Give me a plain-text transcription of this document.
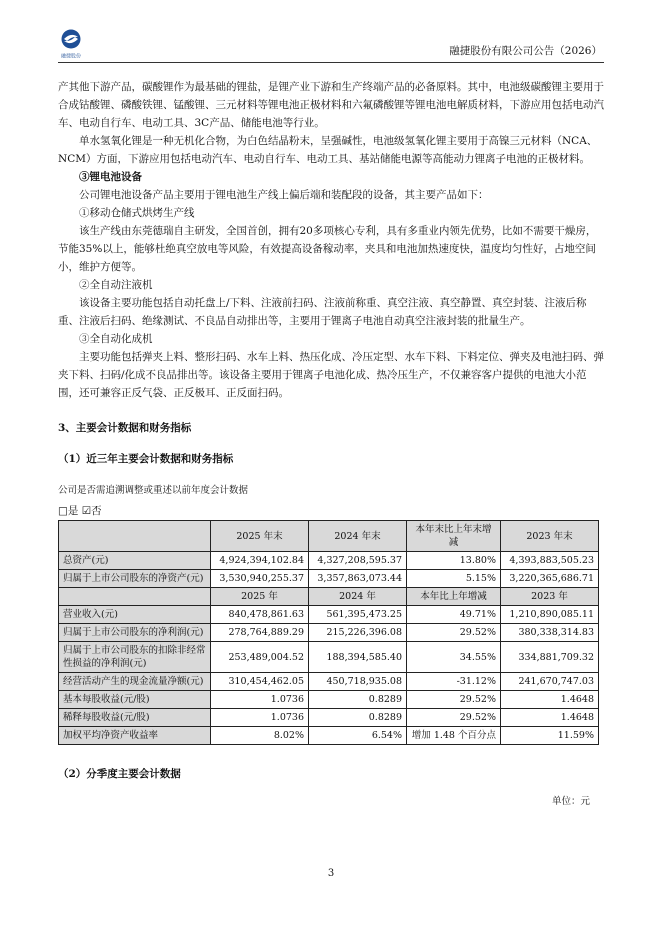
融捷股份	融捷股份有限公司公告（2026）

产其他下游产品，碳酸锂作为最基础的锂盐，是锂产业下游和生产终端产品的必备原料。其中，电池级碳酸锂主要用于合成钴酸锂、磷酸铁锂、锰酸锂、三元材料等锂电池正极材料和六氟磷酸锂等锂电池电解质材料，下游应用包括电动汽车、电动自行车、电动工具、3C产品、储能电池等行业。

单水氢氧化锂是一种无机化合物，为白色结晶粉末，呈强碱性，电池级氢氧化锂主要用于高镍三元材料（NCA、NCM）方面，下游应用包括电动汽车、电动自行车、电动工具、基站储能电源等高能动力锂离子电池的正极材料。

③锂电池设备

公司锂电池设备产品主要用于锂电池生产线上偏后端和装配段的设备，其主要产品如下：

①移动仓储式烘烤生产线

该生产线由东莞德瑞自主研发，全国首创，拥有20多项核心专利，具有多重业内领先优势，比如不需要干燥房，节能35%以上，能够杜绝真空放电等风险，有效提高设备稼动率，夹具和电池加热速度快，温度均匀性好，占地空间小，维护方便等。

②全自动注液机

该设备主要功能包括自动托盘上/下料、注液前扫码、注液前称重、真空注液、真空静置、真空封装、注液后称重、注液后扫码、绝缘测试、不良品自动排出等，主要用于锂离子电池自动真空注液封装的批量生产。

③全自动化成机

主要功能包括弹夹上料、整形扫码、水车上料、热压化成、冷压定型、水车下料、下料定位、弹夹及电池扫码、弹夹下料、扫码/化成不良品排出等。该设备主要用于锂离子电池化成、热冷压生产，不仅兼容客户提供的电池大小范围，还可兼容正反气袋、正反极耳、正反面扫码。

3、主要会计数据和财务指标

（1）近三年主要会计数据和财务指标

公司是否需追溯调整或重述以前年度会计数据

□是 ☑否

	2025 年末	2024 年末	本年末比上年末增减	2023 年末
总资产(元)	4,924,394,102.84	4,327,208,595.37	13.80%	4,393,883,505.23
归属于上市公司股东的净资产(元)	3,530,940,255.37	3,357,863,073.44	5.15%	3,220,365,686.71
	2025 年	2024 年	本年比上年增减	2023 年
营业收入(元)	840,478,861.63	561,395,473.25	49.71%	1,210,890,085.11
归属于上市公司股东的净利润(元)	278,764,889.29	215,226,396.08	29.52%	380,338,314.83
归属于上市公司股东的扣除非经常性损益的净利润(元)	253,489,004.52	188,394,585.40	34.55%	334,881,709.32
经营活动产生的现金流量净额(元)	310,454,462.05	450,718,935.08	-31.12%	241,670,747.03
基本每股收益(元/股)	1.0736	0.8289	29.52%	1.4648
稀释每股收益(元/股)	1.0736	0.8289	29.52%	1.4648
加权平均净资产收益率	8.02%	6.54%	增加 1.48 个百分点	11.59%

（2）分季度主要会计数据

单位：元

3
